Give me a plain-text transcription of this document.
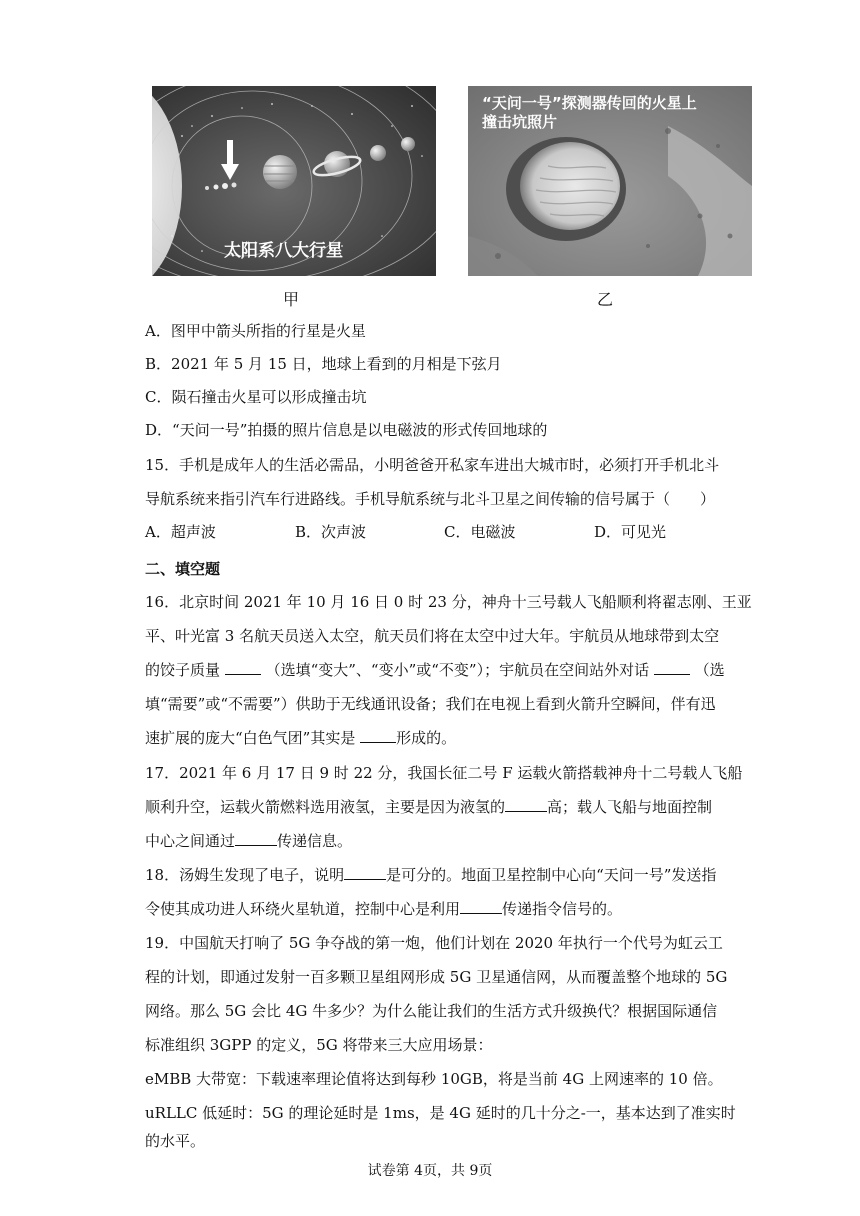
太阳系八大行星
甲
“天问一号”探测器传回的火星上
撞击坑照片
乙
A．图甲中箭头所指的行星是火星
B．2021 年 5 月 15 日，地球上看到的月相是下弦月
C．陨石撞击火星可以形成撞击坑
D．“天问一号”拍摄的照片信息是以电磁波的形式传回地球的
15．手机是成年人的生活必需品，小明爸爸开私家车进出大城市时，必须打开手机北斗
导航系统来指引汽车行进路线。手机导航系统与北斗卫星之间传输的信号属于（　　）
A．超声波	B．次声波	C．电磁波	D．可见光
二、填空题
16．北京时间 2021 年 10 月 16 日 0 时 23 分，神舟十三号载人飞船顺利将翟志刚、王亚
平、叶光富 3 名航天员送入太空，航天员们将在太空中过大年。宇航员从地球带到太空
的饺子质量	（选填“变大”、“变小”或“不变”）；宇航员在空间站外对话	（选
填“需要”或“不需要”）供助于无线通讯设备；我们在电视上看到火箭升空瞬间，伴有迅
速扩展的庞大“白色气团”其实是	形成的。
17．2021 年 6 月 17 日 9 时 22 分，我国长征二号 F 运载火箭搭载神舟十二号载人飞船
顺利升空，运载火箭燃料选用液氢，主要是因为液氢的	高；载人飞船与地面控制
中心之间通过	传递信息。
18．汤姆生发现了电子，说明	是可分的。地面卫星控制中心向“天问一号”发送指
令使其成功进人环绕火星轨道，控制中心是利用	传递指令信号的。
19．中国航天打响了 5G 争夺战的第一炮，他们计划在 2020 年执行一个代号为虹云工
程的计划，即通过发射一百多颗卫星组网形成 5G 卫星通信网，从而覆盖整个地球的 5G
网络。那么 5G 会比 4G 牛多少？为什么能让我们的生活方式升级换代？根据国际通信
标准组织 3GPP 的定义，5G 将带来三大应用场景：
eMBB 大带宽：下载速率理论值将达到每秒 10GB，将是当前 4G 上网速率的 10 倍。
uRLLC 低延时：5G 的理论延时是 1ms，是 4G 延时的几十分之-一，基本达到了准实时
的水平。
试卷第 4页，共 9页
